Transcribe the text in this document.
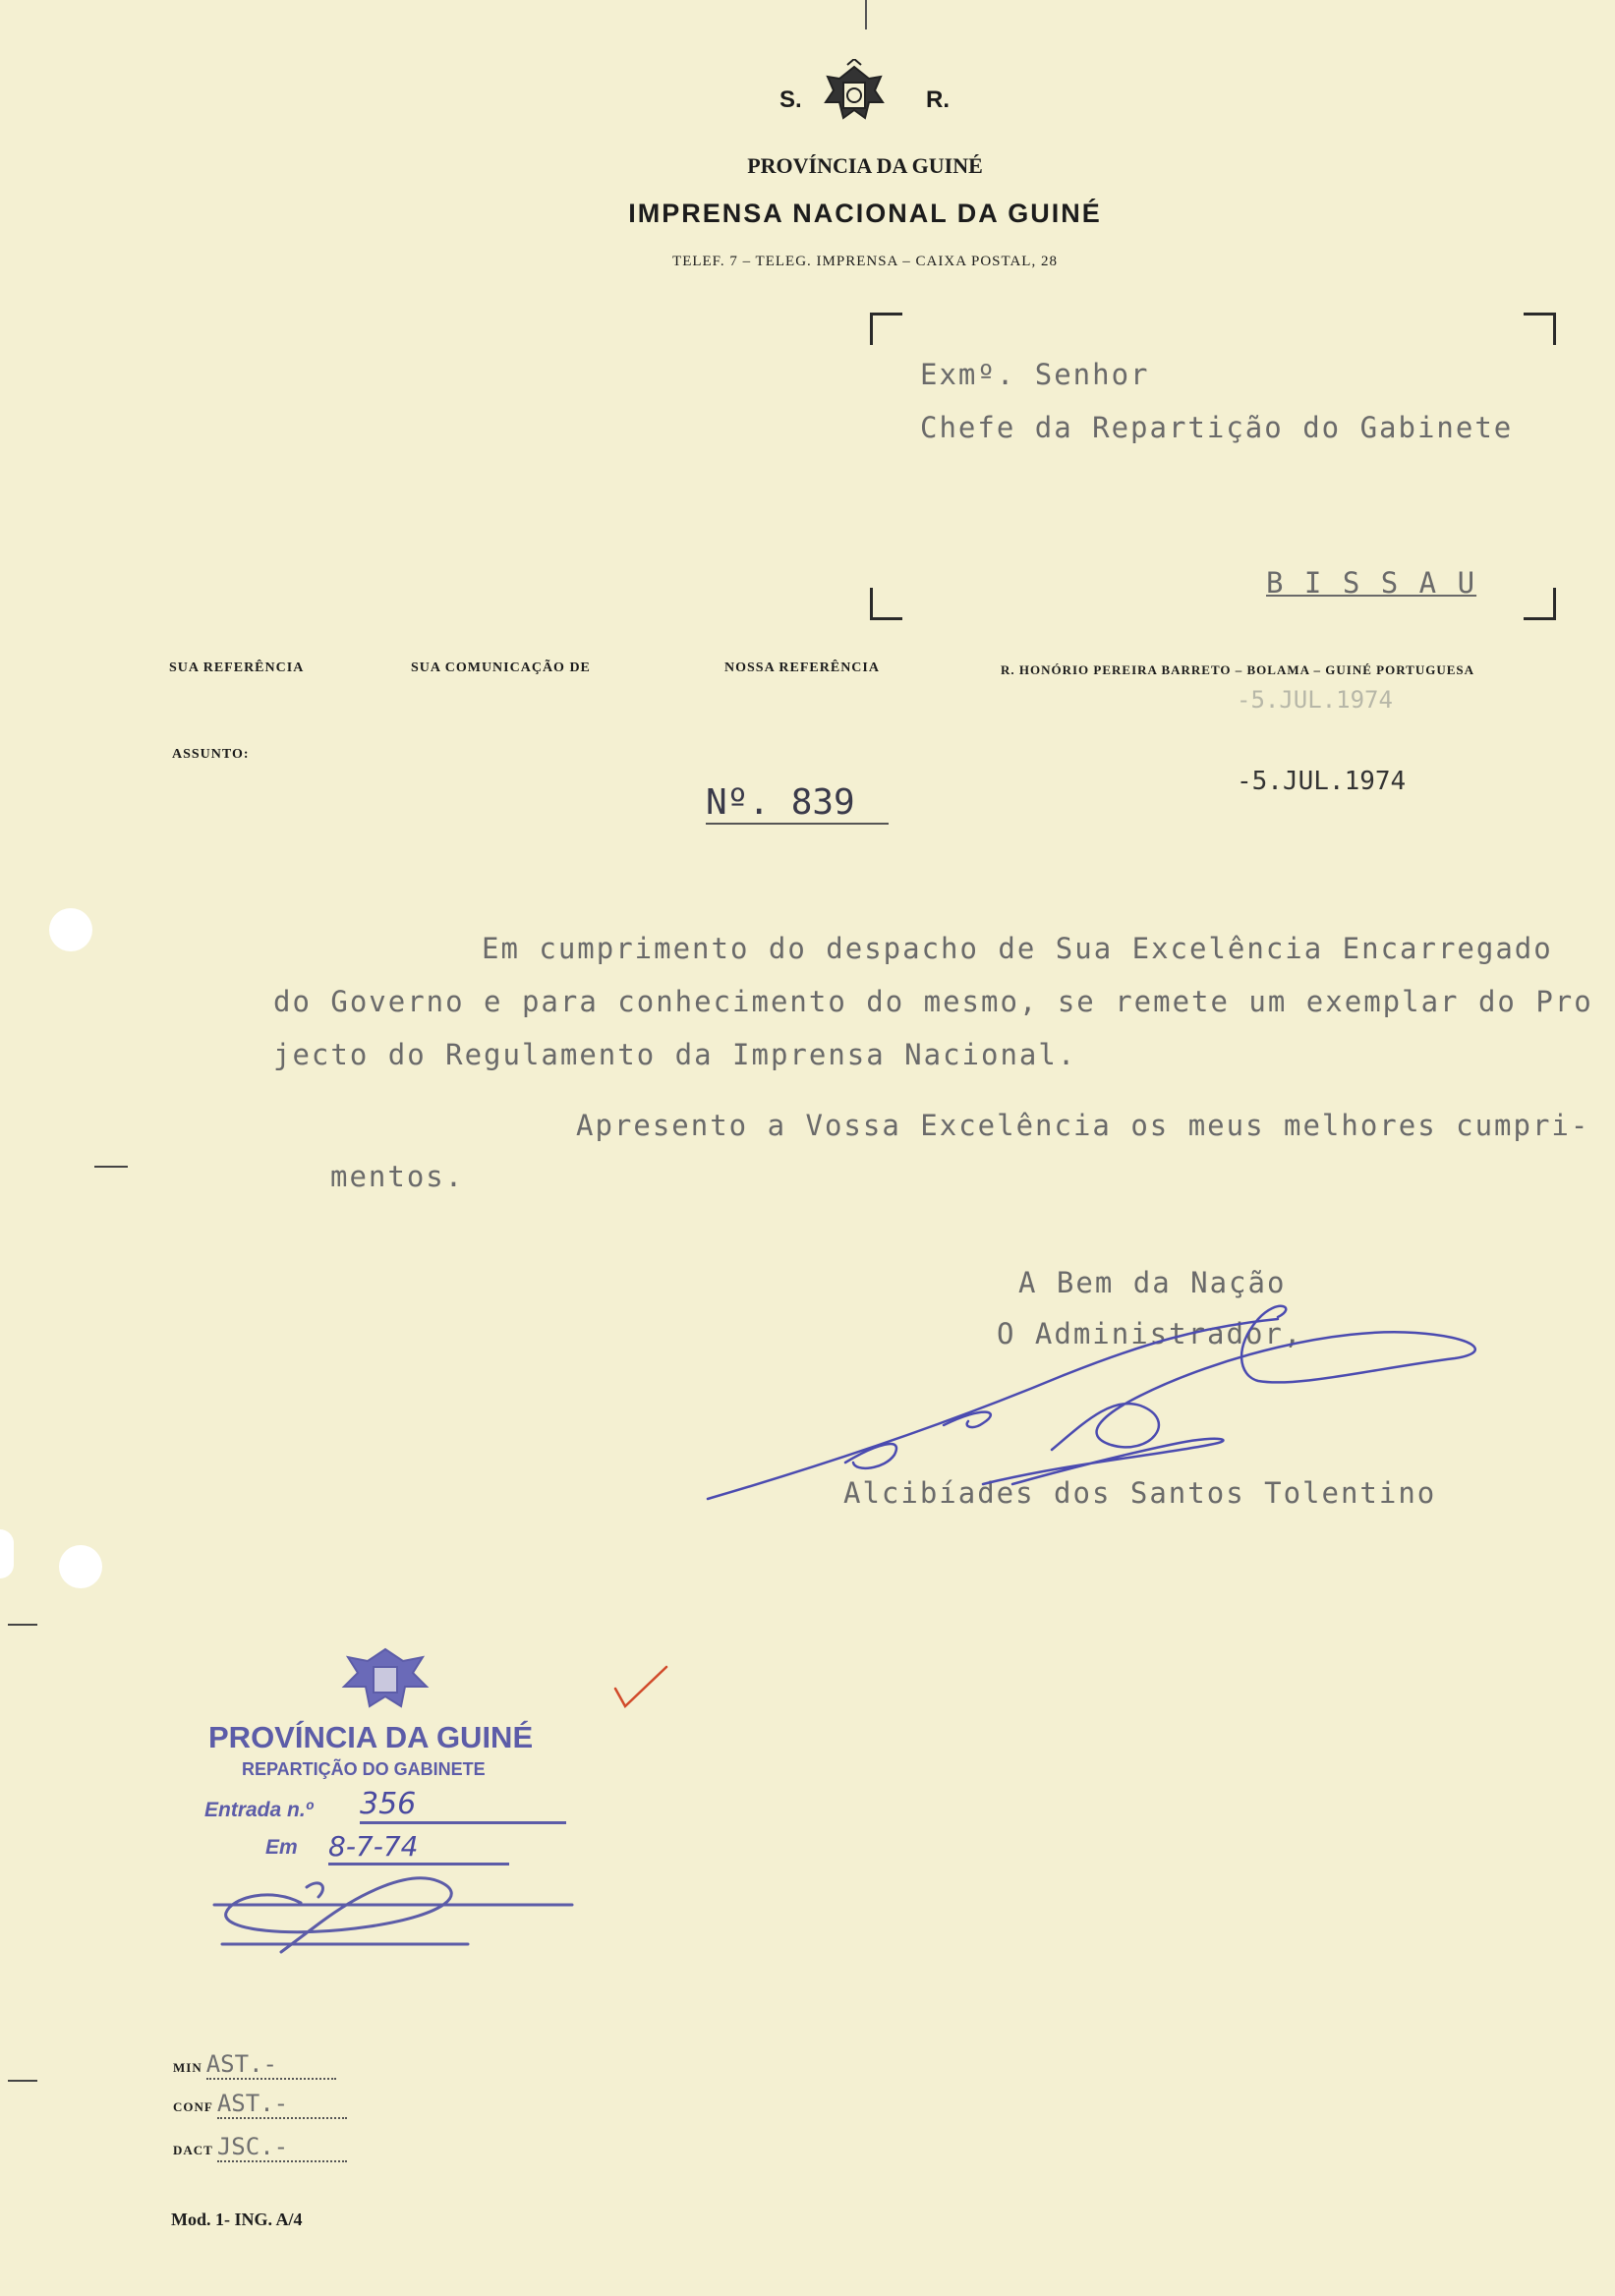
S.	R.
PROVÍNCIA DA GUINÉ
IMPRENSA NACIONAL DA GUINÉ
TELEF. 7 – TELEG. IMPRENSA – CAIXA POSTAL, 28
Exmº. Senhor
Chefe da Repartição do Gabinete
B I S S A U
SUA REFERÊNCIA	SUA COMUNICAÇÃO DE	NOSSA REFERÊNCIA	R. HONÓRIO PEREIRA BARRETO – BOLAMA – GUINÉ PORTUGUESA
-5.JUL.1974
ASSUNTO:
Nº. 839
-5.JUL.1974
Em cumprimento do despacho de Sua Excelência Encarregado
do Governo e para conhecimento do mesmo, se remete um exemplar do Pro
jecto do Regulamento da Imprensa Nacional.
Apresento a Vossa Excelência os meus melhores cumpri-
mentos.
A Bem da Nação
O Administrador,
Alcibíades dos Santos Tolentino
PROVÍNCIA DA GUINÉ
REPARTIÇÃO DO GABINETE
Entrada n.º 356
Em 8-7-74
MIN AST.-
CONF AST.-
DACT JSC.-
Mod. 1- ING. A/4
